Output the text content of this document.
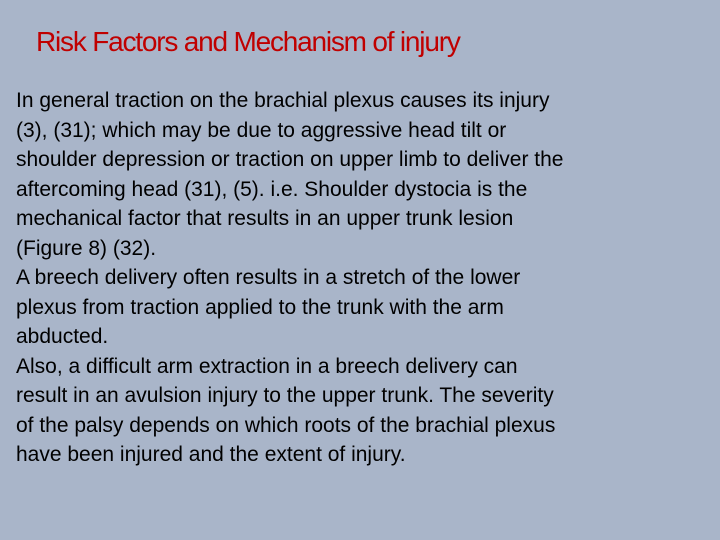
Risk Factors and Mechanism of injury

In general traction on the brachial plexus causes its injury
(3), (31); which may be due to aggressive head tilt or
shoulder depression or traction on upper limb to deliver the
aftercoming head (31), (5). i.e. Shoulder dystocia is the
mechanical factor that results in an upper trunk lesion
(Figure 8) (32).

A breech delivery often results in a stretch of the lower
plexus from traction applied to the trunk with the arm
abducted.

Also, a difficult arm extraction in a breech delivery can
result in an avulsion injury to the upper trunk. The severity
of the palsy depends on which roots of the brachial plexus
have been injured and the extent of injury.
